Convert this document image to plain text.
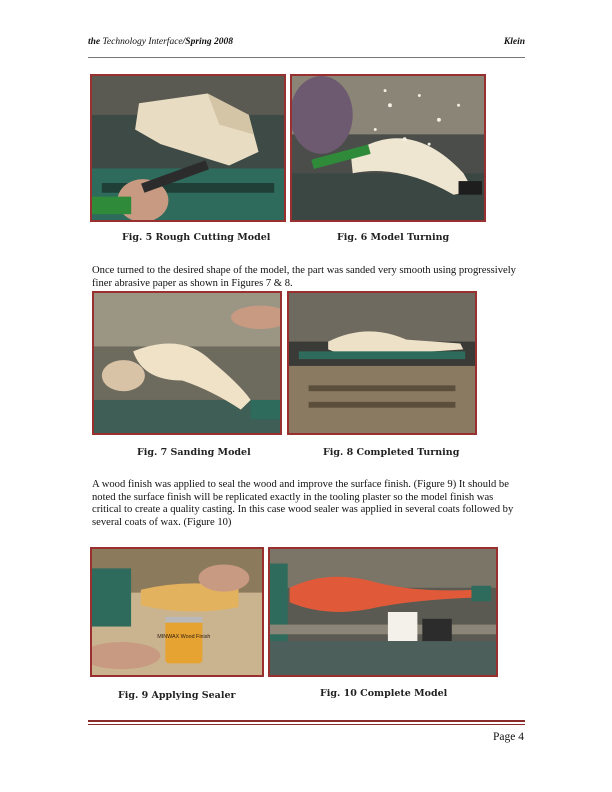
the Technology Interface/Spring 2008	Klein
Fig. 5 Rough Cutting Model	Fig. 6 Model Turning
Once turned to the desired shape of the model, the part was sanded very smooth using progressively finer abrasive paper as shown in Figures 7 & 8.
Fig. 7 Sanding Model	Fig. 8 Completed Turning
A wood finish was applied to seal the wood and improve the surface finish. (Figure 9) It should be noted the surface finish will be replicated exactly in the tooling plaster so the model finish was critical to create a quality casting. In this case wood sealer was applied in several coats followed by several coats of wax. (Figure 10)
MINWAX Wood Finish
Fig. 9 Applying Sealer	Fig. 10 Complete Model
Page 4
